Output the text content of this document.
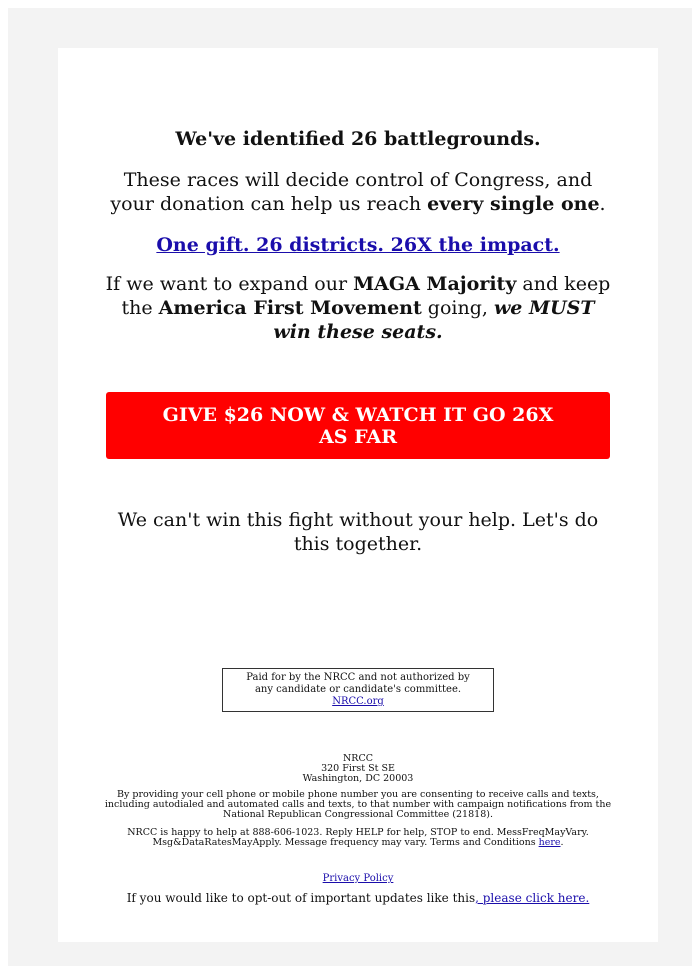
We've identified 26 battlegrounds.

These races will decide control of Congress, and your donation can help us reach every single one.

One gift. 26 districts. 26X the impact.

If we want to expand our MAGA Majority and keep the America First Movement going, we MUST win these seats.

GIVE $26 NOW & WATCH IT GO 26X AS FAR

We can't win this fight without your help. Let's do this together.

Paid for by the NRCC and not authorized by any candidate or candidate's committee. NRCC.org
NRCC
320 First St SE
Washington, DC 20003
By providing your cell phone or mobile phone number you are consenting to receive calls and texts, including autodialed and automated calls and texts, to that number with campaign notifications from the National Republican Congressional Committee (21818).
NRCC is happy to help at 888-606-1023. Reply HELP for help, STOP to end. MessFreqMayVary. Msg&DataRatesMayApply. Message frequency may vary. Terms and Conditions here.
Privacy Policy
If you would like to opt-out of important updates like this, please click here.
